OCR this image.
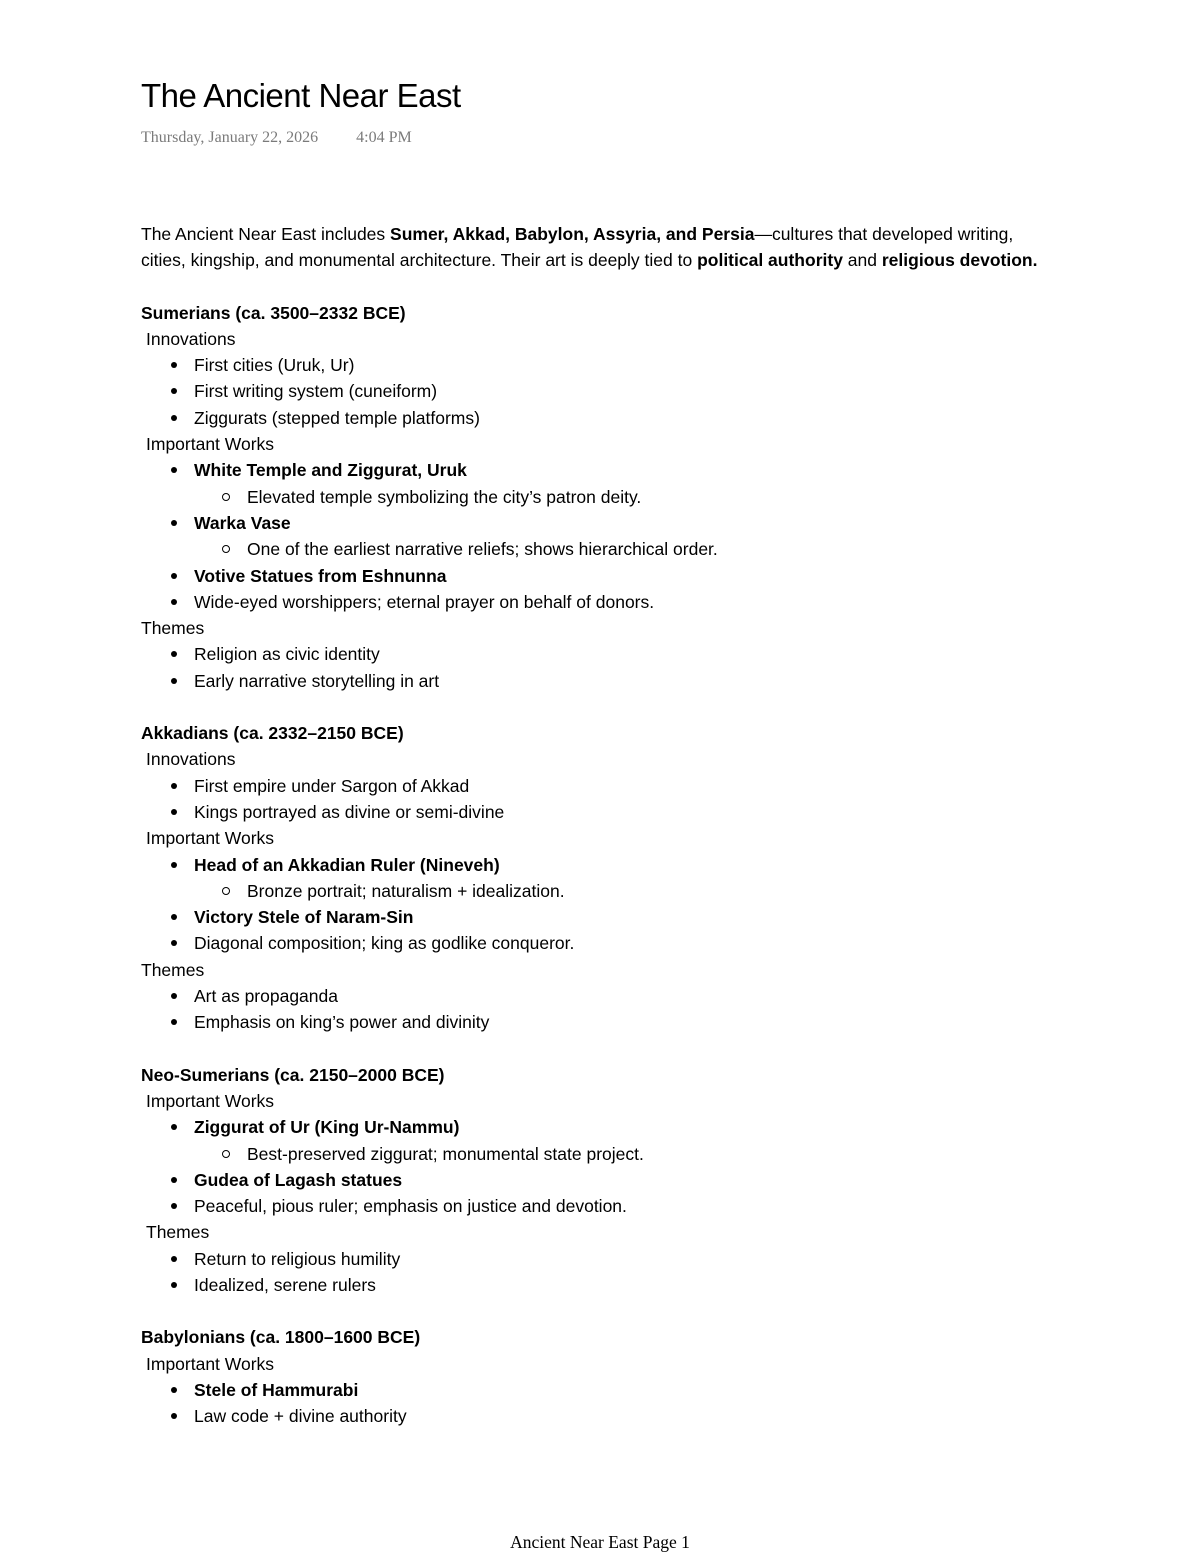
The Ancient Near East
Thursday, January 22, 2026 4:04 PM

The Ancient Near East includes Sumer, Akkad, Babylon, Assyria, and Persia—cultures that developed writing, cities, kingship, and monumental architecture. Their art is deeply tied to political authority and religious devotion.

Sumerians (ca. 3500–2332 BCE)
Innovations
First cities (Uruk, Ur)
First writing system (cuneiform)
Ziggurats (stepped temple platforms)
Important Works
White Temple and Ziggurat, Uruk
Elevated temple symbolizing the city’s patron deity.
Warka Vase
One of the earliest narrative reliefs; shows hierarchical order.
Votive Statues from Eshnunna
Wide-eyed worshippers; eternal prayer on behalf of donors.
Themes
Religion as civic identity
Early narrative storytelling in art
Akkadians (ca. 2332–2150 BCE)
Innovations
First empire under Sargon of Akkad
Kings portrayed as divine or semi-divine
Important Works
Head of an Akkadian Ruler (Nineveh)
Bronze portrait; naturalism + idealization.
Victory Stele of Naram-Sin
Diagonal composition; king as godlike conqueror.
Themes
Art as propaganda
Emphasis on king’s power and divinity
Neo-Sumerians (ca. 2150–2000 BCE)
Important Works
Ziggurat of Ur (King Ur-Nammu)
Best-preserved ziggurat; monumental state project.
Gudea of Lagash statues
Peaceful, pious ruler; emphasis on justice and devotion.
Themes
Return to religious humility
Idealized, serene rulers
Babylonians (ca. 1800–1600 BCE)
Important Works
Stele of Hammurabi
Law code + divine authority
Ancient Near East Page 1
